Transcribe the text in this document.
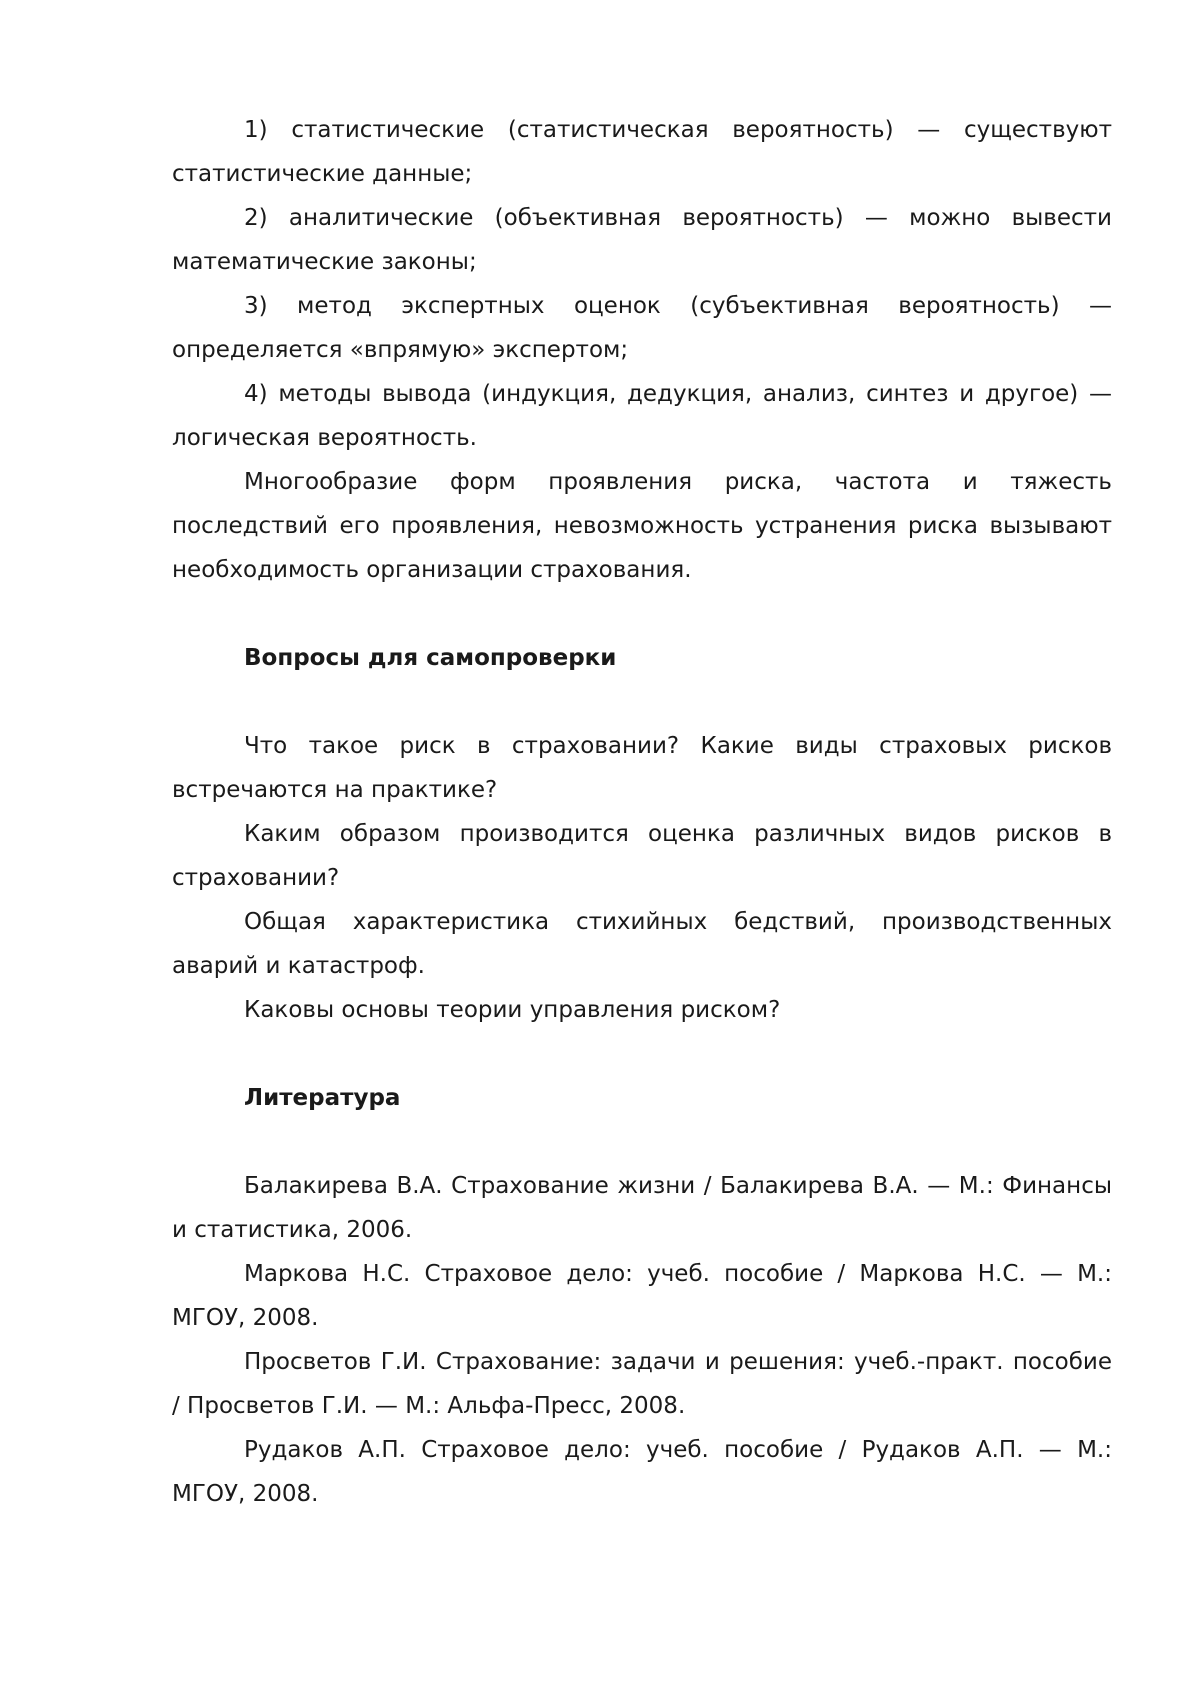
1) статистические (статистическая вероятность) — существуют статистические данные;

2) аналитические (объективная вероятность) — можно вывести математические законы;

3) метод экспертных оценок (субъективная вероятность) — определяется «впрямую» экспертом;

4) методы вывода (индукция, дедукция, анализ, синтез и другое) — логическая вероятность.

Многообразие форм проявления риска, частота и тяжесть последствий его проявления, невозможность устранения риска вызывают необходимость организации страхования.

Вопросы для самопроверки

Что такое риск в страховании? Какие виды страховых рисков встречаются на практике?

Каким образом производится оценка различных видов рисков в страховании?

Общая характеристика стихийных бедствий, производственных аварий и катастроф.

Каковы основы теории управления риском?

Литература

Балакирева В.А. Страхование жизни / Балакирева В.А. — М.: Финансы и статистика, 2006.

Маркова Н.С. Страховое дело: учеб. пособие / Маркова Н.С. — М.: МГОУ, 2008.

Просветов Г.И. Страхование: задачи и решения: учеб.-практ. пособие / Просветов Г.И. — М.: Альфа-Пресс, 2008.

Рудаков А.П. Страховое дело: учеб. пособие / Рудаков А.П. — М.: МГОУ, 2008.
